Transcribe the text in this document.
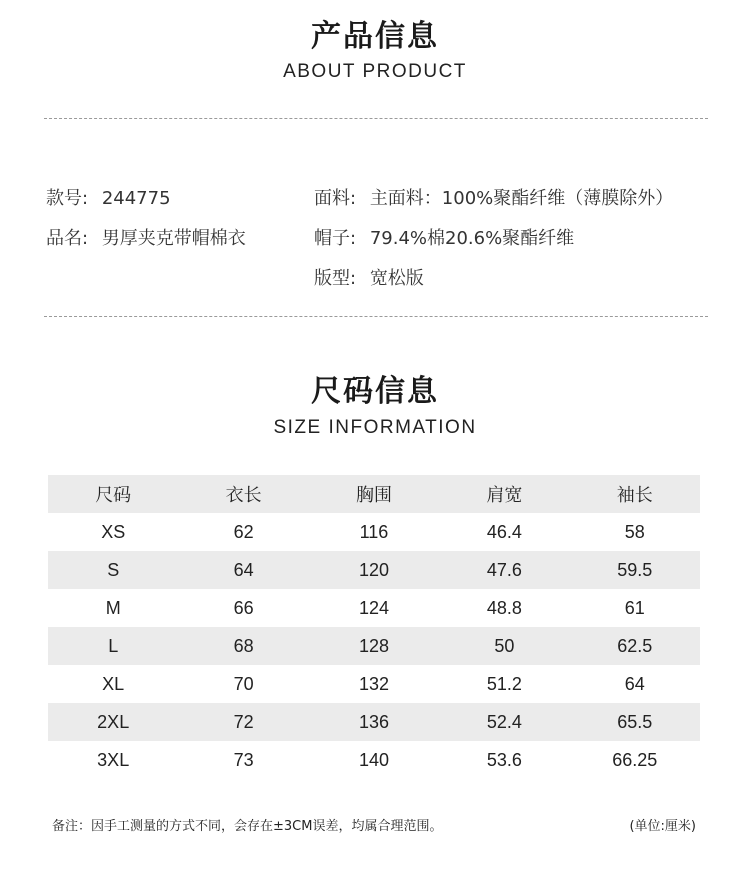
产品信息
ABOUT PRODUCT
款号: 244775
品名: 男厚夹克带帽棉衣
面料: 主面料：100%聚酯纤维（薄膜除外）
帽子: 79.4%棉20.6%聚酯纤维
版型: 宽松版
尺码信息
SIZE INFORMATION
尺码	衣长	胸围	肩宽	袖长
XS	62	116	46.4	58
S	64	120	47.6	59.5
M	66	124	48.8	61
L	68	128	50	62.5
XL	70	132	51.2	64
2XL	72	136	52.4	65.5
3XL	73	140	53.6	66.25
备注：因手工测量的方式不同，会存在±3CM误差，均属合理范围。	(单位:厘米)
